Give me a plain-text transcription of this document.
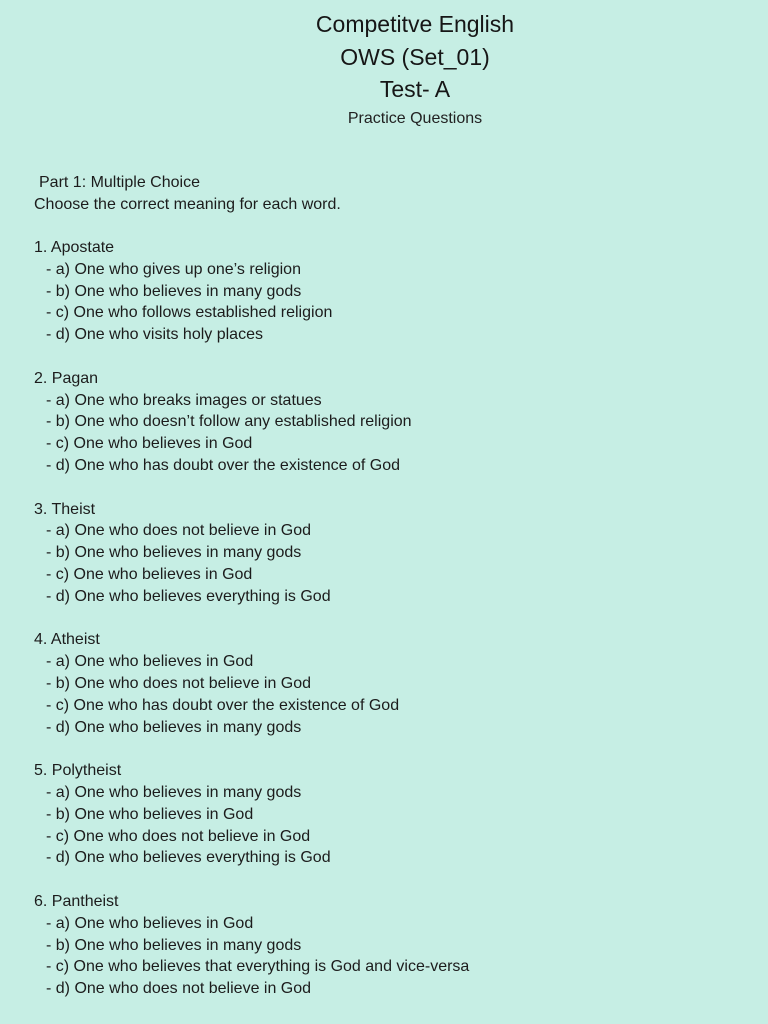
Competitve English
OWS (Set_01)
Test- A
Practice Questions
Part 1: Multiple Choice
Choose the correct meaning for each word.
1. Apostate
- a) One who gives up one’s religion
- b) One who believes in many gods
- c) One who follows established religion
- d) One who visits holy places
2. Pagan
- a) One who breaks images or statues
- b) One who doesn’t follow any established religion
- c) One who believes in God
- d) One who has doubt over the existence of God
3. Theist
- a) One who does not believe in God
- b) One who believes in many gods
- c) One who believes in God
- d) One who believes everything is God
4. Atheist
- a) One who believes in God
- b) One who does not believe in God
- c) One who has doubt over the existence of God
- d) One who believes in many gods
5. Polytheist
- a) One who believes in many gods
- b) One who believes in God
- c) One who does not believe in God
- d) One who believes everything is God
6. Pantheist
- a) One who believes in God
- b) One who believes in many gods
- c) One who believes that everything is God and vice-versa
- d) One who does not believe in God
